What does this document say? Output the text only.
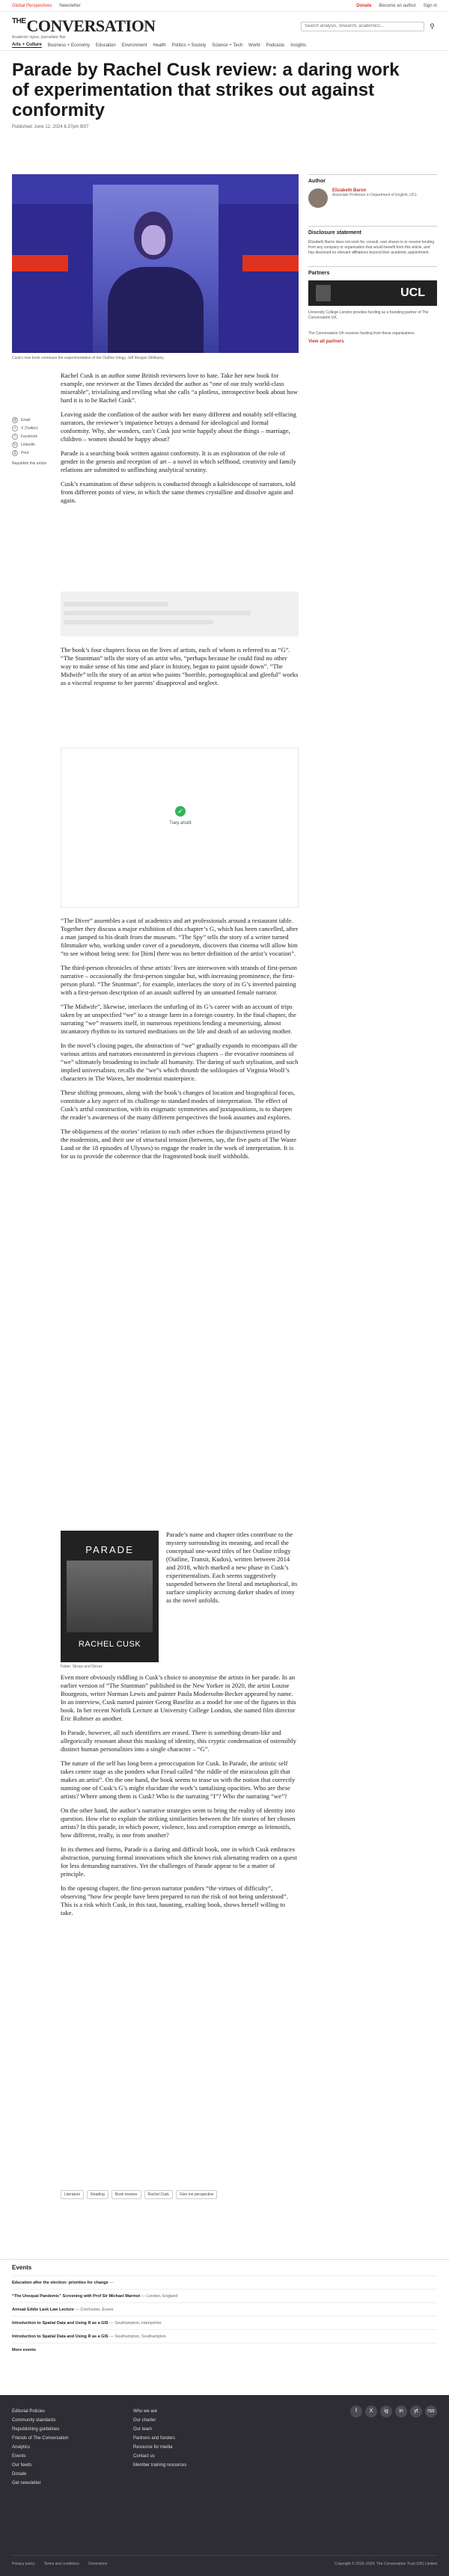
Global Perspectives Newsletter	Donate Become an author Sign in
$^{THE}$CONVERSATION
Academic rigour, journalistic flair
Search analysis, research, academics...
⚲
Arts + Culture Business + Economy Education Environment Health Politics + Society Science + Tech World Podcasts Insights
Parade by Rachel Cusk review: a daring work of experimentation that strikes out against conformity
Published: June 12, 2024 6.37pm BST
Cusk's new book continues the experimentation of her Outline trilogy. Jeff Morgan 09/Alamy
@ Email
x	X (Twitter)
f	Facebook
in	LinkedIn
⎙	Print
Republish this article

Rachel Cusk is an author some British reviewers love to hate. Take her new book for example, one reviewer at the Times decided the author as “one of our truly world-class miserable”, trivialising and reviling what she calls “a plotless, introspective book about how hard it is to be Rachel Cusk”.

Leaving aside the conflation of the author with her many different and notably self-effacing narrators, the reviewer’s impatience betrays a demand for ideological and formal conformity. Why, she wonders, can’t Cusk just write happily about the things – marriage, children – women should be happy about?

Parade is a searching book written against conformity. It is an exploration of the role of gender in the genesis and reception of art – a novel in which selfhood, creativity and family relations are submitted to unflinching analytical scrutiny.

Cusk’s examination of these subjects is conducted through a kaleidoscope of narrators, told from different points of view, in which the same themes crystalline and dissolve again and again.

The book’s four chapters focus on the lives of artists, each of whom is referred to as “G”. “The Stuntman” tells the story of an artist who, “perhaps because he could find no other way to make sense of his time and place in history, began to paint upside down”. “The Midwife” tells the story of an artist who paints “horrible, pornographical and gleeful” works as a visceral response to her parents’ disapproval and neglect.

✓
Tuey ahuitt

“The Diver” assembles a cast of academics and art professionals around a restaurant table. Together they discuss a major exhibition of this chapter’s G, which has been cancelled, after a man jumped to his death from the museum. “The Spy” tells the story of a writer turned filmmaker who, working under cover of a pseudonym, discovers that cinema will allow him “to see without being seen: for [him] there was no better definition of the artist’s vocation”.

The third-person chronicles of these artists’ lives are interwoven with strands of first-person narrative – occasionally the first-person singular but, with increasing prominence, the first-person plural. “The Stuntman”, for example, interlaces the story of its G’s inverted painting with a first-person description of an assault suffered by an unnamed female narrator.

“The Midwife”, likewise, interlaces the unfurling of its G’s career with an account of trips taken by an unspecified “we” to a strange farm in a foreign country. In the final chapter, the narrating “we” reasserts itself, in numerous repetitions lending a mesmerising, almost incantatory rhythm to its tortured meditations on the life and death of an unloving mother.

In the novel’s closing pages, the abstraction of “we” gradually expands to encompass all the various artists and narrators encountered in previous chapters – the evocative roominess of “we” ultimately broadening to include all humanity. The daring of such stylisation, and such implied universalism, recalls the “we”s which thrumb the soliloquies of Virginia Woolf’s characters in The Waves, her modernist masterpiece.

These shifting pronouns, along with the book’s changes of location and biographical focus, constitute a key aspect of its challenge to standard modes of interpretation. The effect of Cusk’s artful construction, with its enigmatic symmetries and juxtapositions, is to sharpen the reader’s awareness of the many different perspectives the book assumes and explores.

The obliqueness of the stories’ relation to each other echoes the disjunctiveness prized by the modernists, and their use of structural tension (between, say, the five parts of The Waste Land or the 18 episodes of Ulysses) to engage the reader in the work of interpretation. It is for us to provide the coherence that the fragmented book itself withholds.

PARADE
RACHEL CUSK
Faber. Straus and Giroux

Parade’s name and chapter titles contribute to the mystery surrounding its meaning, and recall the conceptual one-word titles of her Outline trilogy (Outline, Transit, Kudos), written between 2014 and 2018, which marked a new phase in Cusk’s experimentalism. Each seems suggestively suspended between the literal and metaphorical, its surface simplicity accruing darker shades of irony as the novel unfolds.

Even more obviously riddling is Cusk’s choice to anonymise the artists in her parade. In an earlier version of “The Stuntman” published in the New Yorker in 2020, the artist Louise Bourgeois, writer Norman Lewis and painter Paula Modersohn-Becker appeared by name. In an interview, Cusk named painter Georg Baselitz as a model for one of the figures in this book. In her recent Norfolk Lecture at University College London, she named film director Éric Rohmer as another.

In Parade, however, all such identifiers are erased. There is something dream-like and allegorically resonant about this masking of identity, this cryptic condensation of ostensibly distinct human personalities into a single character – “G”.

The nature of the self has long been a preoccupation for Cusk. In Parade, the artistic self takes centre stage as she ponders what Freud called “the riddle of the miraculous gift that makes an artist”. On the one hand, the book seems to tease us with the notion that correctly naming one of Cusk’s G’s might elucidate the work’s tantalising opacities. Who are these artists? Where among them is Cusk? Who is the narrating “I”? Who the narrating “we”?

On the other hand, the author’s narrative strategies seem to bring the reality of identity into question. How else to explain the striking similarities between the life stories of her chosen artists? In this parade, in which power, violence, loss and corruption emerge as leitmotifs, how different, really, is one from another?

In its themes and forms, Parade is a daring and difficult book, one in which Cusk embraces abstraction, pursuing formal innovations which she knows risk alienating readers on a quest for less demanding narratives. Yet the challenges of Parade appear to be a matter of principle.

In the opening chapter, the first-person narrator ponders “the virtues of difficulty”, observing “how few people have been prepared to run the risk of not being understood”. This is a risk which Cusk, in this taut, haunting, exalting book, shows herself willing to take.

Literature	Reading	Book reviews	Rachel Cusk	Give me perspective
Author
Elizabeth Baron
Associate Professor in Department of English, UCL
Disclosure statement
Elizabeth Baron does not work for, consult, own shares in or receive funding from any company or organisation that would benefit from this article, and has disclosed no relevant affiliations beyond their academic appointment.
Partners
UCL
University College London provides funding as a founding partner of The Conversation UK.
The Conversation UK receives funding from these organisations
View all partners
Events
Education after the election: priorities for change —
“The Unequal Pandemic” Screening with Prof Sir Michael Marmot — London, England
Annual Eddie Lask Law Lecture — Colchester, Essex
Introduction to Spatial Data and Using R as a GIS — Southampton, Hampshire
Introduction to Spatial Data and Using R as a GIS — Southampton, Southampton
More events
Editorial Policies
Community standards
Republishing guidelines
Friends of The Conversation
Analytics
Events
Our feeds
Donate
Get newsletter
Who we are
Our charter
Our team
Partners and funders
Resource for media
Contact us
Member training resources
f	X	ig	in	yt	rss
Privacy policy Terms and conditions Corrections	Copyright © 2010–2024, The Conversation Trust (UK) Limited
